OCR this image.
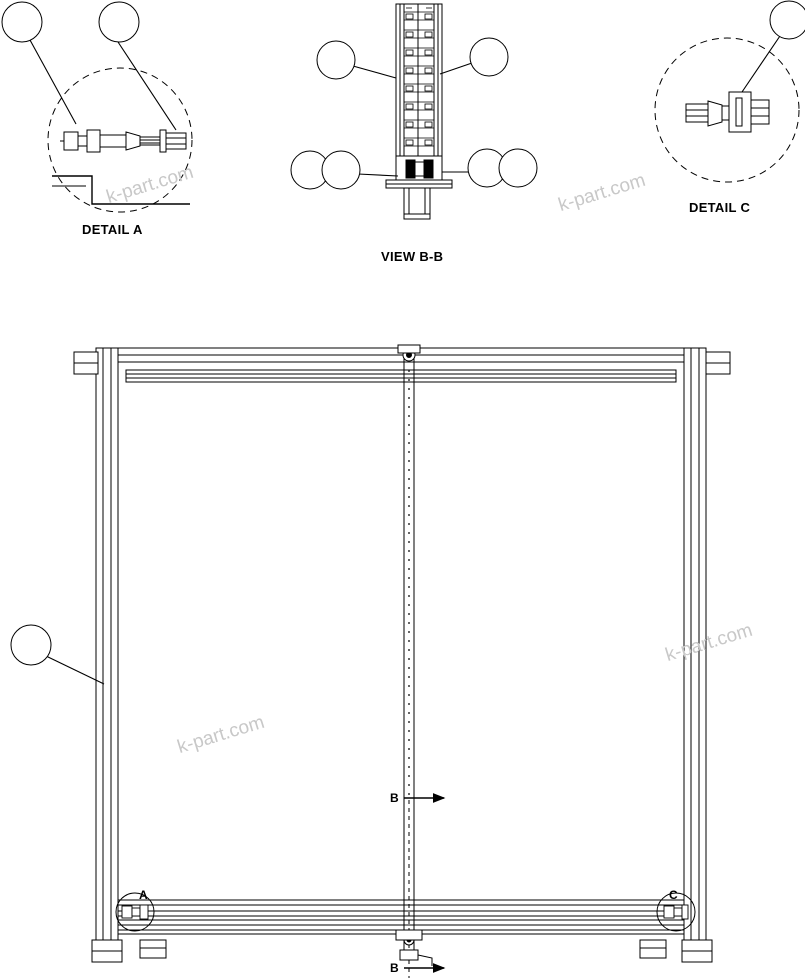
DETAIL A
VIEW B-B
DETAIL C
B
B
A	C
k-part.com	k-part.com
k-part.com
k-part.com
